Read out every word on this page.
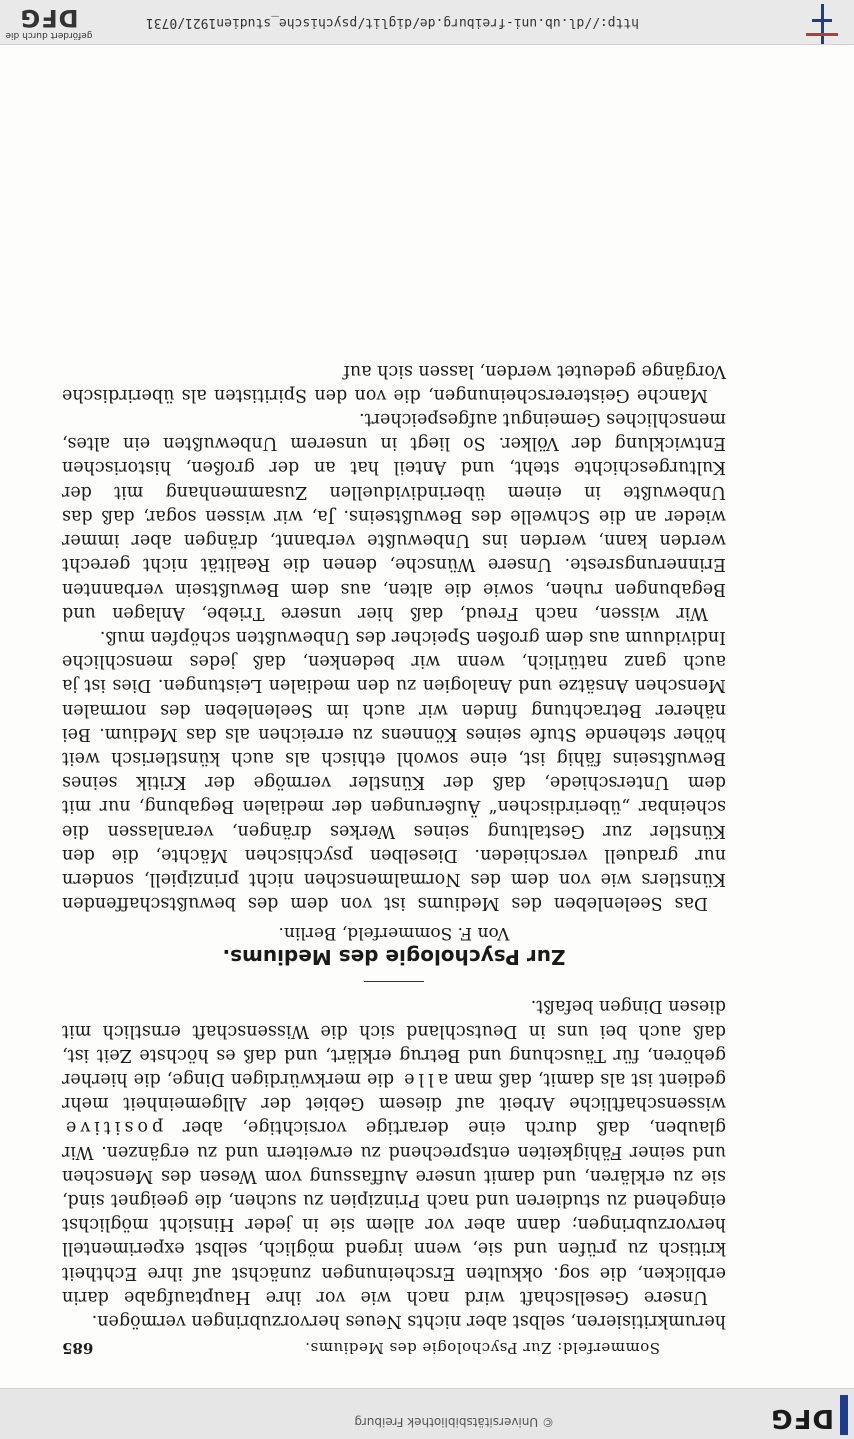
DFG
© Universitätsbibliothek Freiburg
Sommerfeld: Zur Psychologie des Mediums.
685

herumkritisieren, selbst aber nichts Neues hervorzubringen vermögen.

Unsere Gesellschaft wird nach wie vor ihre Hauptaufgabe darin erblicken, die sog. okkulten Erscheinungen zunächst auf ihre Echtheit kritisch zu prüfen und sie, wenn irgend möglich, selbst experimentell hervorzubringen; dann aber vor allem sie in jeder Hinsicht möglichst eingehend zu studieren und nach Prinzipien zu suchen, die geeignet sind, sie zu erklären, und damit unsere Auffassung vom Wesen des Menschen und seiner Fähigkeiten entsprechend zu erweitern und zu ergänzen. Wir glauben, daß durch eine derartige vorsichtige, aber positive wissenschaftliche Arbeit auf diesem Gebiet der Allgemeinheit mehr gedient ist als damit, daß man alle die merkwürdigen Dinge, die hierher gehören, für Täuschung und Betrug erklärt, und daß es höchste Zeit ist, daß auch bei uns in Deutschland sich die Wissenschaft ernstlich mit diesen Dingen befaßt.

Zur Psychologie des Mediums.
Von F. Sommerfeld, Berlin.

Das Seelenleben des Mediums ist von dem des bewußtschaffenden Künstlers wie von dem des Normalmenschen nicht prinzipiell, sondern nur graduell verschieden. Dieselben psychischen Mächte, die den Künstler zur Gestaltung seines Werkes drängen, veranlassen die scheinbar „überirdischen“ Äußerungen der medialen Begabung, nur mit dem Unterschiede, daß der Künstler vermöge der Kritik seines Bewußtseins fähig ist, eine sowohl ethisch als auch künstlerisch weit höher stehende Stufe seines Könnens zu erreichen als das Medium. Bei näherer Betrachtung finden wir auch im Seelenleben des normalen Menschen Ansätze und Analogien zu den medialen Leistungen. Dies ist ja auch ganz natürlich, wenn wir bedenken, daß jedes menschliche Individuum aus dem großen Speicher des Unbewußten schöpfen muß.

Wir wissen, nach Freud, daß hier unsere Triebe, Anlagen und Begabungen ruhen, sowie die alten, aus dem Bewußtsein verbannten Erinnerungsreste. Unsere Wünsche, denen die Realität nicht gerecht werden kann, werden ins Unbewußte verbannt, drängen aber immer wieder an die Schwelle des Bewußtseins. Ja, wir wissen sogar, daß das Unbewußte in einem überindividuellen Zusammenhang mit der Kulturgeschichte steht, und Anteil hat an der großen, historischen Entwicklung der Völker. So liegt in unserem Unbewußten ein altes, menschliches Gemeingut aufgespeichert.

Manche Geistererscheinungen, die von den Spiritisten als überirdische Vorgänge gedeutet werden, lassen sich auf

http://dl.ub.uni-freiburg.de/diglit/psychische_studien1921/0731
gefördert durch die
DFG
